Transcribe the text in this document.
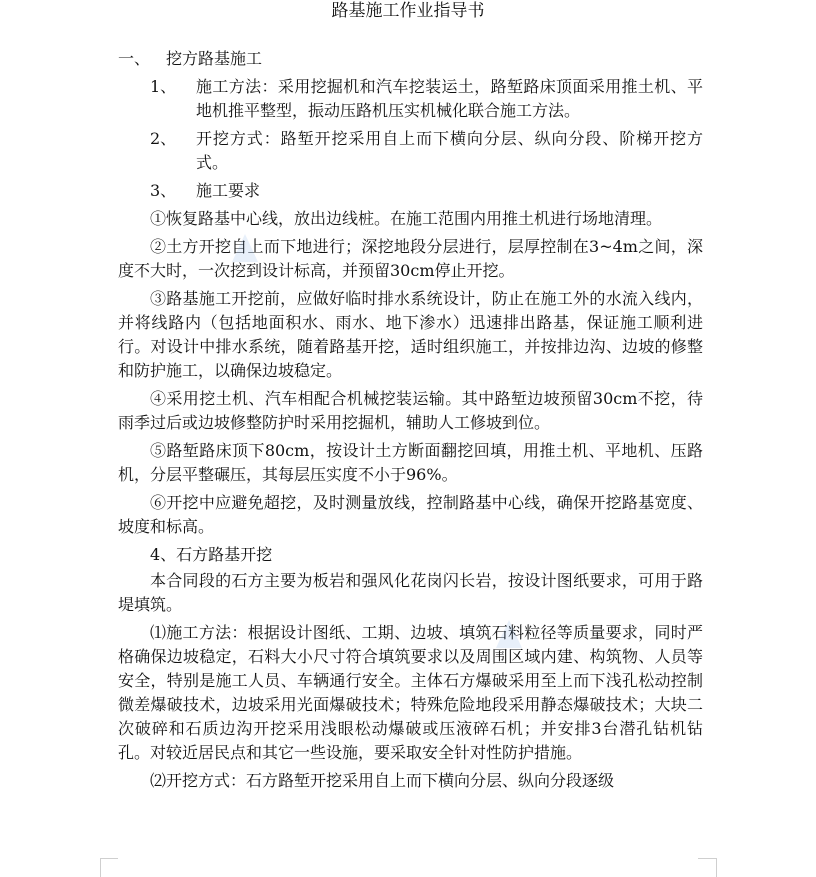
路基施工作业指导书

一、 挖方路基施工

1、	施工方法：采用挖掘机和汽车挖装运土，路堑路床顶面采用推土机、平地机推平整型，振动压路机压实机械化联合施工方法。

2、	开挖方式：路堑开挖采用自上而下横向分层、纵向分段、阶梯开挖方式。

3、	施工要求

①恢复路基中心线，放出边线桩。在施工范围内用推土机进行场地清理。

②土方开挖自上而下地进行；深挖地段分层进行，层厚控制在3~4m之间，深度不大时，一次挖到设计标高，并预留30cm停止开挖。

③路基施工开挖前，应做好临时排水系统设计，防止在施工外的水流入线内，并将线路内（包括地面积水、雨水、地下渗水）迅速排出路基，保证施工顺利进行。对设计中排水系统，随着路基开挖，适时组织施工，并按排边沟、边坡的修整和防护施工，以确保边坡稳定。

④采用挖土机、汽车相配合机械挖装运输。其中路堑边坡预留30cm不挖，待雨季过后或边坡修整防护时采用挖掘机，辅助人工修坡到位。

⑤路堑路床顶下80cm，按设计土方断面翻挖回填，用推土机、平地机、压路机，分层平整碾压，其每层压实度不小于96%。

⑥开挖中应避免超挖，及时测量放线，控制路基中心线，确保开挖路基宽度、坡度和标高。

4、石方路基开挖

本合同段的石方主要为板岩和强风化花岗闪长岩，按设计图纸要求，可用于路堤填筑。

⑴施工方法：根据设计图纸、工期、边坡、填筑石料粒径等质量要求，同时严格确保边坡稳定，石料大小尺寸符合填筑要求以及周围区域内建、构筑物、人员等安全，特别是施工人员、车辆通行安全。主体石方爆破采用至上而下浅孔松动控制微差爆破技术，边坡采用光面爆破技术；特殊危险地段采用静态爆破技术；大块二次破碎和石质边沟开挖采用浅眼松动爆破或压液碎石机；并安排3台潜孔钻机钻孔。对较近居民点和其它一些设施，要采取安全针对性防护措施。

⑵开挖方式：石方路堑开挖采用自上而下横向分层、纵向分段逐级
